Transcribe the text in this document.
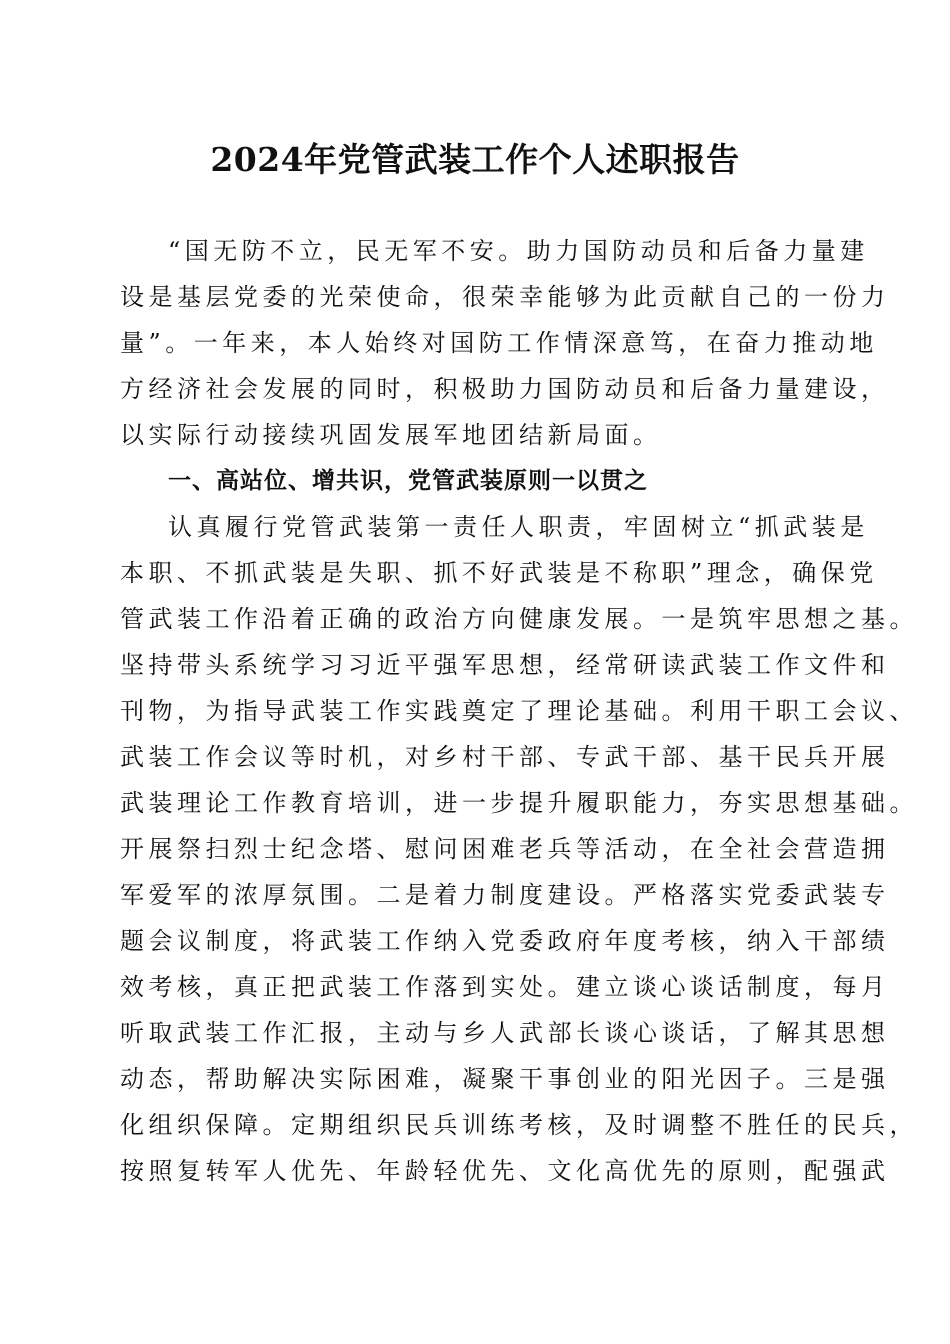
2024年党管武装工作个人述职报告
“国无防不立，民无军不安。助力国防动员和后备力量建
设是基层党委的光荣使命，很荣幸能够为此贡献自己的一份力
量”。一年来，本人始终对国防工作情深意笃，在奋力推动地
方经济社会发展的同时，积极助力国防动员和后备力量建设，
以实际行动接续巩固发展军地团结新局面。
一、高站位、增共识，党管武装原则一以贯之
认真履行党管武装第一责任人职责，牢固树立“抓武装是
本职、不抓武装是失职、抓不好武装是不称职”理念，确保党
管武装工作沿着正确的政治方向健康发展。一是筑牢思想之基。
坚持带头系统学习习近平强军思想，经常研读武装工作文件和
刊物，为指导武装工作实践奠定了理论基础。利用干职工会议、
武装工作会议等时机，对乡村干部、专武干部、基干民兵开展
武装理论工作教育培训，进一步提升履职能力，夯实思想基础。
开展祭扫烈士纪念塔、慰问困难老兵等活动，在全社会营造拥
军爱军的浓厚氛围。二是着力制度建设。严格落实党委武装专
题会议制度，将武装工作纳入党委政府年度考核，纳入干部绩
效考核，真正把武装工作落到实处。建立谈心谈话制度，每月
听取武装工作汇报，主动与乡人武部长谈心谈话，了解其思想
动态，帮助解决实际困难，凝聚干事创业的阳光因子。三是强
化组织保障。定期组织民兵训练考核，及时调整不胜任的民兵，
按照复转军人优先、年龄轻优先、文化高优先的原则，配强武
